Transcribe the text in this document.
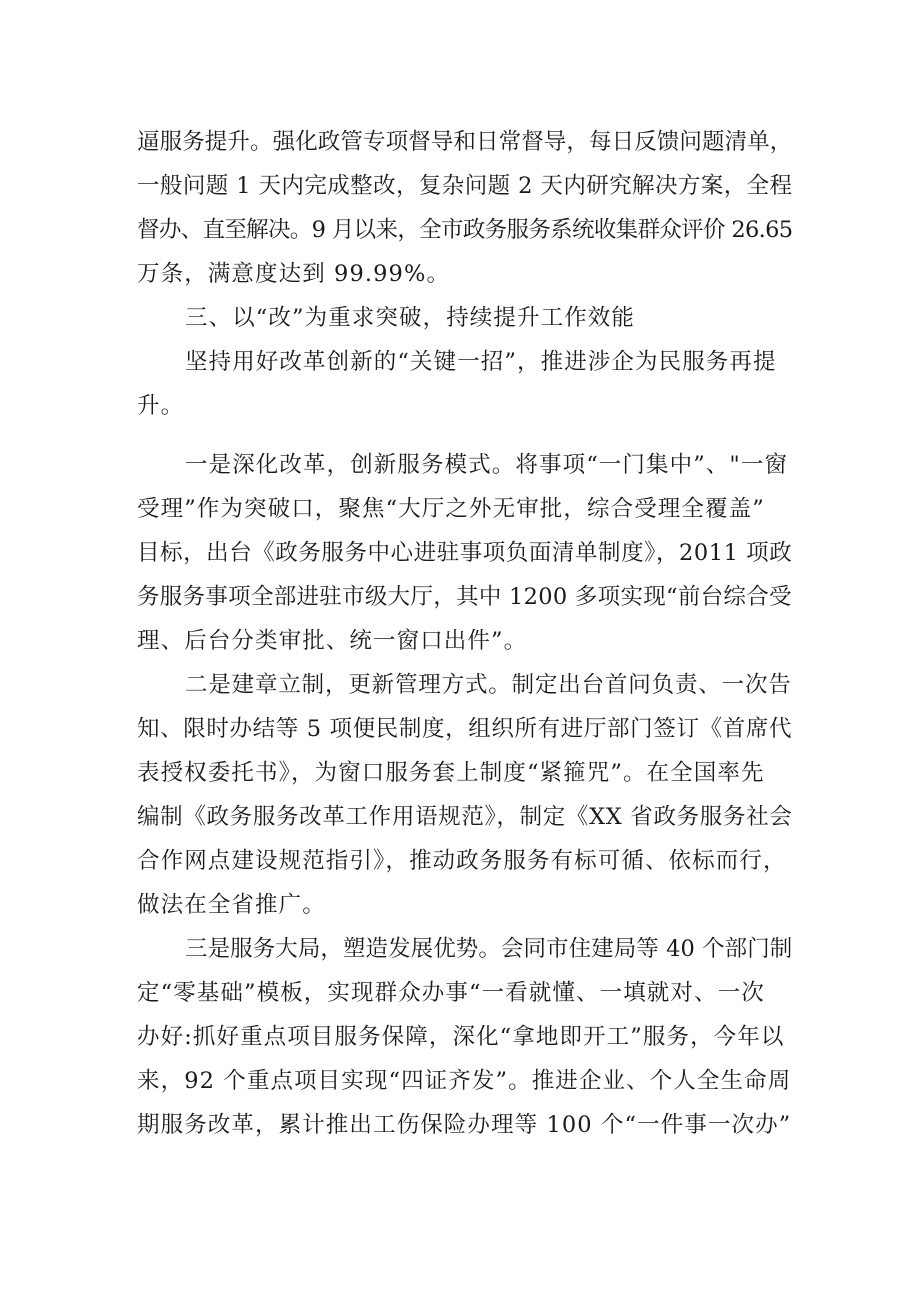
逼服务提升。强化政管专项督导和日常督导，每日反馈问题清单，
一般问题 1 天内完成整改，复杂问题 2 天内研究解决方案，全程
督办、直至解决。9 月以来，全市政务服务系统收集群众评价 26.65
万条，满意度达到 99.99%。
三、以“改”为重求突破，持续提升工作效能
坚持用好改革创新的“关键一招”，推进涉企为民服务再提
升。
一是深化改革，创新服务模式。将事项“一门集中”、"一窗
受理”作为突破口，聚焦“大厅之外无审批，综合受理全覆盖”
目标，出台《政务服务中心进驻事项负面清单制度》，2011 项政
务服务事项全部进驻市级大厅，其中 1200 多项实现“前台综合受
理、后台分类审批、统一窗口出件”。
二是建章立制，更新管理方式。制定出台首问负责、一次告
知、限时办结等 5 项便民制度，组织所有进厅部门签订《首席代
表授权委托书》，为窗口服务套上制度“紧箍咒”。在全国率先
编制《政务服务改革工作用语规范》，制定《XX 省政务服务社会
合作网点建设规范指引》，推动政务服务有标可循、依标而行，
做法在全省推广。
三是服务大局，塑造发展优势。会同市住建局等 40 个部门制
定“零基础”模板，实现群众办事“一看就懂、一填就对、一次
办好:抓好重点项目服务保障，深化“拿地即开工”服务，今年以
来，92 个重点项目实现“四证齐发”。推进企业、个人全生命周
期服务改革，累计推出工伤保险办理等 100 个“一件事一次办”
